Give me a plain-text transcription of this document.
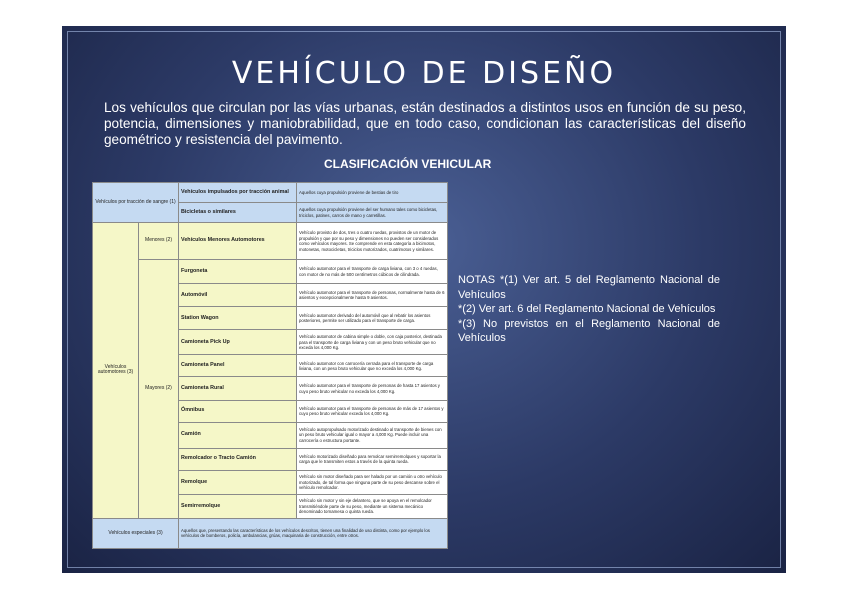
VEHÍCULO DE DISEÑO
Los vehículos que circulan por las vías urbanas, están destinados a distintos usos en función de su peso, potencia, dimensiones y maniobrabilidad, que en todo caso, condicionan las características del diseño geométrico y resistencia del pavimento.
CLASIFICACIÓN VEHICULAR
Vehículos por tracción de sangre (1)		Vehículos impulsados por tracción animal	Aquellos cuya propulsión proviene de bestias de tiro
		Bicicletas o similares	Aquellos cuya propulsión proviene del ser humano tales como bicicletas, triciclos, patines, carros de mano y carretillas.
Vehículos automotores (3)	Menores (2)	Vehículos Menores Automotores	Vehículo provisto de dos, tres o cuatro ruedas, provistos de un motor de propulsión y que por su peso y dimensiones no pueden ser considerados como vehículos mayores. Se comprende en esta categoría a bicimotos, motonetas, motocicletas, triciclos motorizados, cuatrimotos y similares.
	Mayores (2)	Furgoneta	Vehículo automotor para el transporte de carga liviana, con 3 o 4 ruedas, con motor de no más de 500 centímetros cúbicos de cilindrada.
		Automóvil	Vehículo automotor para el transporte de personas, normalmente hasta de 6 asientos y excepcionalmente hasta 9 asientos.
		Station Wagon	Vehículo automotor derivado del automóvil que al rebatir los asientos posteriores, permite ser utilizado para el transporte de carga.
		Camioneta Pick Up	Vehículo automotor de cabina simple o doble, con caja posterior, destinada para el transporte de carga liviana y con un peso bruto vehicular que no exceda los 4,000 Kg.
		Camioneta Panel	Vehículo automotor con carrocería cerrada para el transporte de carga liviana, con un peso bruto vehicular que no exceda los 4,000 Kg.
		Camioneta Rural	Vehículo automotor para el transporte de personas de hasta 17 asientos y cuyo peso bruto vehicular no exceda los 4,000 Kg.
		Ómnibus	Vehículo automotor para el transporte de personas de más de 17 asientos y cuyo peso bruto vehicular exceda los 4,000 Kg.
		Camión	Vehículo autopropulsado motorizado destinado al transporte de bienes con un peso bruto vehicular igual o mayor a 4,000 Kg. Puede incluir una carrocería o estructura portante.
		Remolcador o Tracto Camión	Vehículo motorizado diseñado para remolcar semirremolques y soportar la carga que le transmiten estos a través de la quinta rueda.
		Remolque	Vehículo sin motor diseñado para ser halado por un camión u otro vehículo motorizado, de tal forma que ninguna parte de su peso descanse sobre el vehículo remolcador.
		Semirremolque	Vehículo sin motor y sin eje delantero, que se apoya en el remolcador transmitiéndole parte de su peso, mediante un sistema mecánico denominado tornamesa o quinta rueda.
Vehículos especiales (3)		Aquellos que, presentando las características de los vehículos descritos, tienen una finalidad de uso distinta, como por ejemplo los vehículos de bomberos, policía, ambulancias, grúas, maquinaria de construcción, entre otros.	
NOTAS *(1) Ver art. 5 del Reglamento Nacional de Vehículos
*(2) Ver art. 6 del Reglamento Nacional de Vehículos
*(3) No previstos en el Reglamento Nacional de Vehículos
